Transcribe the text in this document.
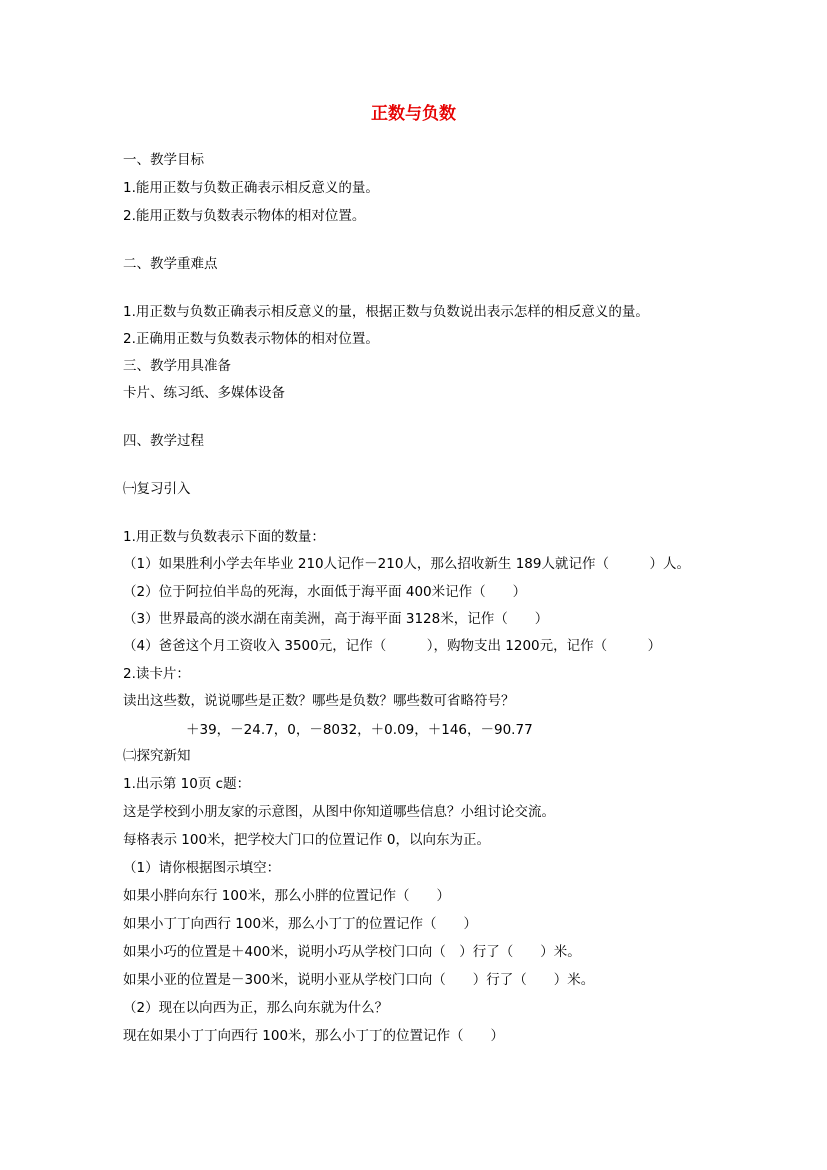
正数与负数
一、教学目标
1.能用正数与负数正确表示相反意义的量。
2.能用正数与负数表示物体的相对位置。
二、教学重难点
1.用正数与负数正确表示相反意义的量，根据正数与负数说出表示怎样的相反意义的量。
2.正确用正数与负数表示物体的相对位置。
三、教学用具准备
卡片、练习纸、多媒体设备
四、教学过程
㈠复习引入
1.用正数与负数表示下面的数量：
（1）如果胜利小学去年毕业 210人记作－210人，那么招收新生 189人就记作（　　　）人。
（2）位于阿拉伯半岛的死海，水面低于海平面 400米记作（　　）
（3）世界最高的淡水湖在南美洲，高于海平面 3128米，记作（　　）
（4）爸爸这个月工资收入 3500元，记作（　　　），购物支出 1200元，记作（　　　）
2.读卡片：
读出这些数，说说哪些是正数？哪些是负数？哪些数可省略符号？
＋39，－24.7，0，－8032，＋0.09，＋146，－90.77
㈡探究新知
1.出示第 10页 c题：
这是学校到小朋友家的示意图，从图中你知道哪些信息？小组讨论交流。
每格表示 100米，把学校大门口的位置记作 0，以向东为正。
（1）请你根据图示填空：
如果小胖向东行 100米，那么小胖的位置记作（　　）
如果小丁丁向西行 100米，那么小丁丁的位置记作（　　）
如果小巧的位置是＋400米，说明小巧从学校门口向（　）行了（　　）米。
如果小亚的位置是－300米，说明小亚从学校门口向（　　）行了（　　）米。
（2）现在以向西为正，那么向东就为什么？
现在如果小丁丁向西行 100米，那么小丁丁的位置记作（　　）
